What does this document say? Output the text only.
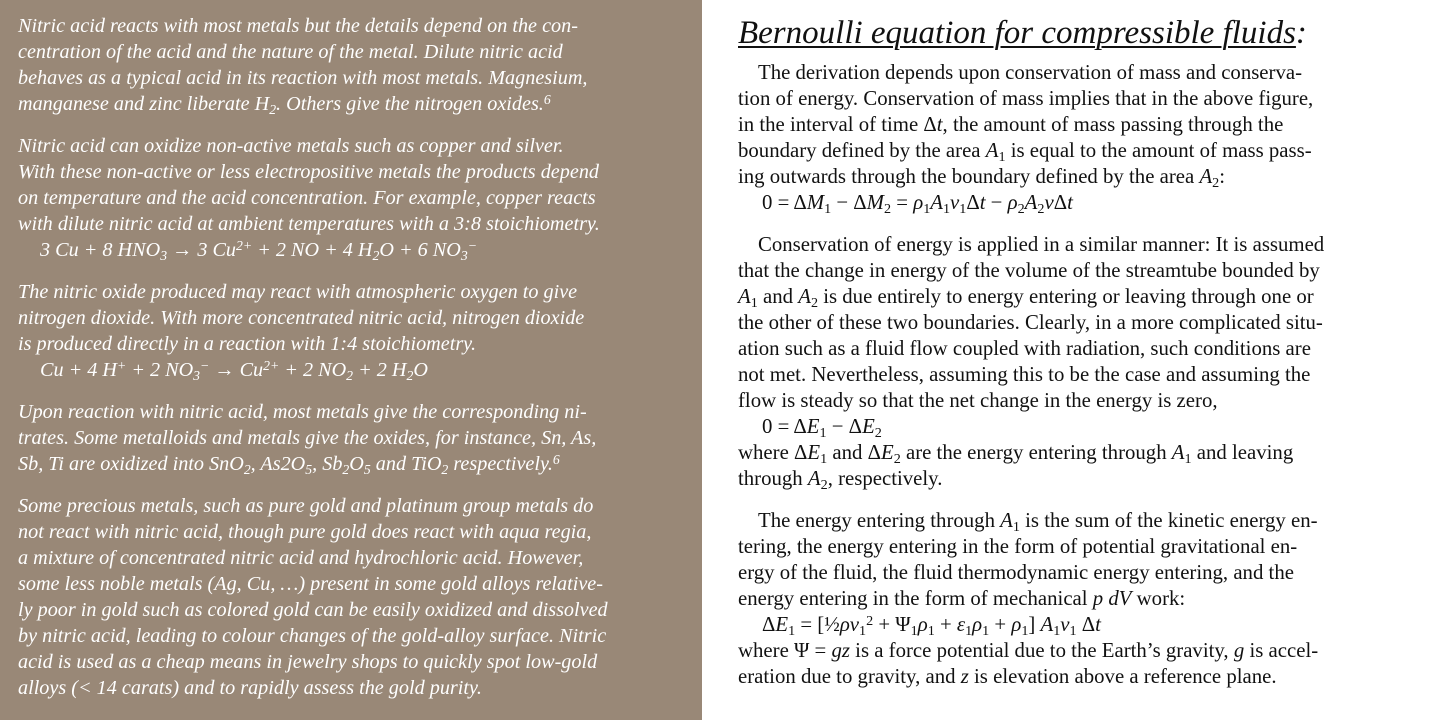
Nitric acid reacts with most metals but the details depend on the con-
centration of the acid and the nature of the metal. Dilute nitric acid
behaves as a typical acid in its reaction with most metals. Magnesium,
manganese and zinc liberate $H_2$. Others give the nitrogen oxides.$^6$

Nitric acid can oxidize non-active metals such as copper and silver.
With these non-active or less electropositive metals the products depend
on temperature and the acid concentration. For example, copper reacts
with dilute nitric acid at ambient temperatures with a 3:8 stoichiometry.

3 Cu + 8 $HNO_3 \to 3$ $Cu^{2+} + 2$ NO + 4 $H_2O + 6$ $NO_3^-$

The nitric oxide produced may react with atmospheric oxygen to give
nitrogen dioxide. With more concentrated nitric acid, nitrogen dioxide
is produced directly in a reaction with 1:4 stoichiometry.

Cu + 4 H+ + 2 $NO_3^- \to Cu^{2+} + 2$ $NO_2 + 2$ $H_2O$

Upon reaction with nitric acid, most metals give the corresponding ni-
trates. Some metalloids and metals give the oxides, for instance, Sn, As,
Sb, Ti are oxidized into SnO$_2$, $As2O_5$, $Sb_2O_5$ and TiO$_2$ respectively.$^6$

Some precious metals, such as pure gold and platinum group metals do
not react with nitric acid, though pure gold does react with aqua regia,
a mixture of concentrated nitric acid and hydrochloric acid. However,
some less noble metals (Ag, Cu, …) present in some gold alloys relative-
ly poor in gold such as colored gold can be easily oxidized and dissolved
by nitric acid, leading to colour changes of the gold-alloy surface. Nitric
acid is used as a cheap means in jewelry shops to quickly spot low-gold
alloys (< 14 carats) and to rapidly assess the gold purity.

Bernoulli equation for compressible fluids:

The derivation depends upon conservation of mass and conserva-
tion of energy. Conservation of mass implies that in the above figure,
in the interval of time Δt, the amount of mass passing through the
boundary defined by the area $A_1$ is equal to the amount of mass pass-
ing outwards through the boundary defined by the area $A_2$:

$0 = \Delta M_1 - \Delta M_2 = \rho_1A_1v_1\Delta t - \rho_2A_2v\Delta t$

Conservation of energy is applied in a similar manner: It is assumed
that the change in energy of the volume of the streamtube bounded by
$A_1$ and $A_2$ is due entirely to energy entering or leaving through one or
the other of these two boundaries. Clearly, in a more complicated situ-
ation such as a fluid flow coupled with radiation, such conditions are
not met. Nevertheless, assuming this to be the case and assuming the
flow is steady so that the net change in the energy is zero,

$0 = \Delta E_1 - \Delta E_2$

where $\Delta E_1$ and $\Delta E_2$ are the energy entering through $A_1$ and leaving
through $A_2$, respectively.

The energy entering through $A_1$ is the sum of the kinetic energy en-
tering, the energy entering in the form of potential gravitational en-
ergy of the fluid, the fluid thermodynamic energy entering, and the
energy entering in the form of mechanical p dV work:

$\Delta E_1$ = $[\frac{1}{2}\rho v_1^2 + \Psi_1\rho_1 + \varepsilon_1\rho_1 + \rho_1]$ $A_1v_1$ Δt

where Ψ = gz is a force potential due to the Earth’s gravity, g is accel-
eration due to gravity, and z is elevation above a reference plane.
